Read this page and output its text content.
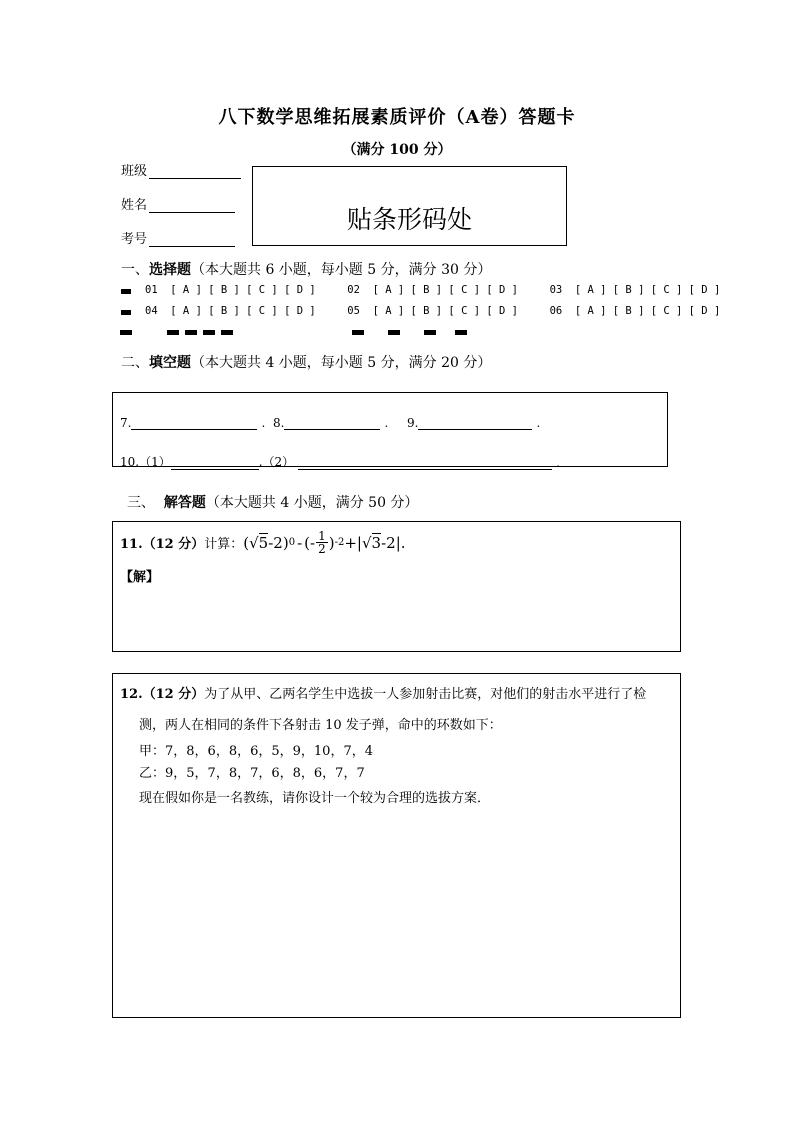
八下数学思维拓展素质评价（A卷）答题卡
（满分 100 分）
班级
姓名
考号
贴条形码处
一、选择题（本大题共 6 小题，每小题 5 分，满分 30 分）
01  [ A ] [ B ] [ C ] [ D ]     02  [ A ] [ B ] [ C ] [ D ]     03  [ A ] [ B ] [ C ] [ D ]
04  [ A ] [ B ] [ C ] [ D ]     05  [ A ] [ B ] [ C ] [ D ]     06  [ A ] [ B ] [ C ] [ D ]
二、填空题（本大题共 4 小题，每小题 5 分，满分 20 分）
7.	. 8.	. 9.	.
10.（1）	.（2）	.
三、 解答题（本大题共 4 小题，满分 50 分）
11.（12 分） 计算： ( √ 5 -2) 0 - (- $\frac{1}{2}$ ) -2 + | √ 3 -2 | .
【解】
12.（12 分）为了从甲、乙两名学生中选拔一人参加射击比赛，对他们的射击水平进行了检
测，两人在相同的条件下各射击 10 发子弹，命中的环数如下：
甲：7，8，6，8，6，5，9，10，7，4
乙：9，5，7，8，7，6，8，6，7，7
现在假如你是一名教练，请你设计一个较为合理的选拔方案．
